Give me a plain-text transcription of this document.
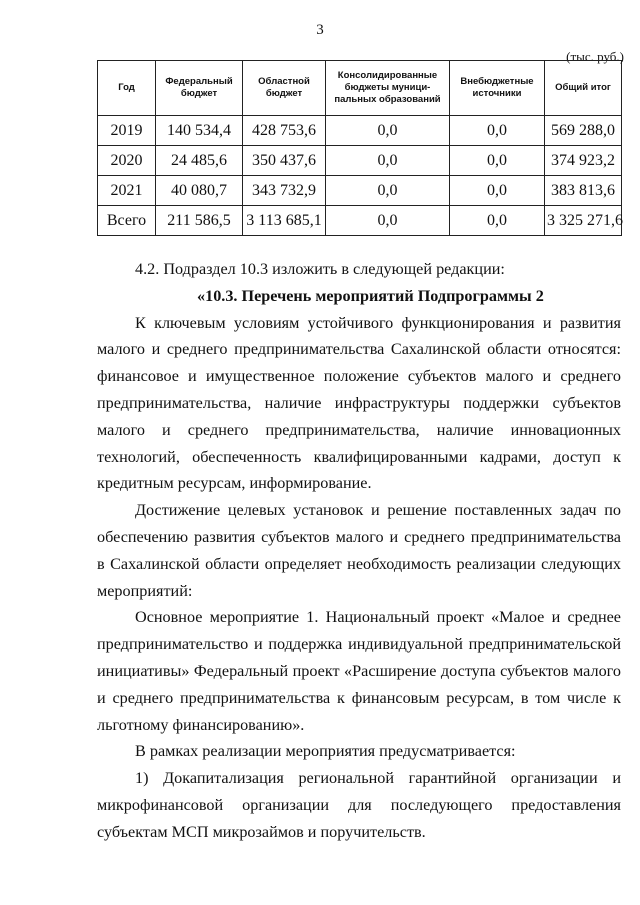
3
(тыс. руб.)
Год	Федеральный бюджет	Областной бюджет	Консолидированные бюджеты муници-пальных образований	Внебюджетные источники	Общий итог
2019	140 534,4	428 753,6	0,0	0,0	569 288,0
2020	24 485,6	350 437,6	0,0	0,0	374 923,2
2021	40 080,7	343 732,9	0,0	0,0	383 813,6
Всего	211 586,5	3 113 685,1	0,0	0,0	3 325 271,6

4.2. Подраздел 10.3 изложить в следующей редакции:

«10.3. Перечень мероприятий Подпрограммы 2

К ключевым условиям устойчивого функционирования и развития малого и среднего предпринимательства Сахалинской области относятся: финансовое и имущественное положение субъектов малого и среднего предпринимательства, наличие инфраструктуры поддержки субъектов малого и среднего предпринимательства, наличие инновационных технологий, обеспеченность квалифицированными кадрами, доступ к кредитным ресурсам, информирование.

Достижение целевых установок и решение поставленных задач по обеспечению развития субъектов малого и среднего предпринимательства в Сахалинской области определяет необходимость реализации следующих мероприятий:

Основное мероприятие 1. Национальный проект «Малое и среднее предпринимательство и поддержка индивидуальной предпринимательской инициативы» Федеральный проект «Расширение доступа субъектов малого и среднего предпринимательства к финансовым ресурсам, в том числе к льготному финансированию».

В рамках реализации мероприятия предусматривается:

1) Докапитализация региональной гарантийной организации и микрофинансовой организации для последующего предоставления субъектам МСП микрозаймов и поручительств.
